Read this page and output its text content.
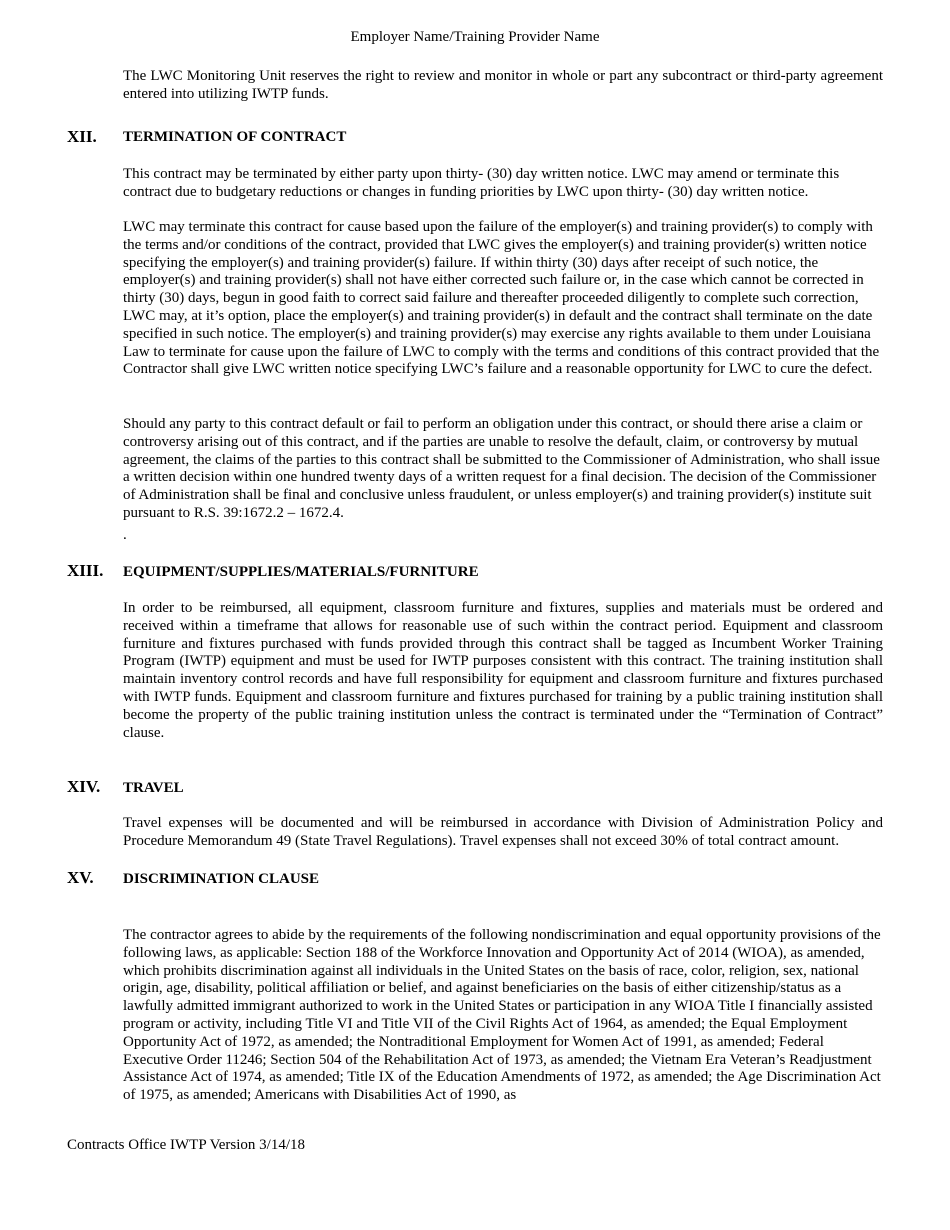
Employer Name/Training Provider Name

The LWC Monitoring Unit reserves the right to review and monitor in whole or part any subcontract or third-party agreement entered into utilizing IWTP funds.

XII. TERMINATION OF CONTRACT

This contract may be terminated by either party upon thirty- (30) day written notice. LWC may amend or terminate this contract due to budgetary reductions or changes in funding priorities by LWC upon thirty- (30) day written notice.

LWC may terminate this contract for cause based upon the failure of the employer(s) and training provider(s) to comply with the terms and/or conditions of the contract, provided that LWC gives the employer(s) and training provider(s) written notice specifying the employer(s) and training provider(s) failure. If within thirty (30) days after receipt of such notice, the employer(s) and training provider(s) shall not have either corrected such failure or, in the case which cannot be corrected in thirty (30) days, begun in good faith to correct said failure and thereafter proceeded diligently to complete such correction, LWC may, at it’s option, place the employer(s) and training provider(s) in default and the contract shall terminate on the date specified in such notice. The employer(s) and training provider(s) may exercise any rights available to them under Louisiana Law to terminate for cause upon the failure of LWC to comply with the terms and conditions of this contract provided that the Contractor shall give LWC written notice specifying LWC’s failure and a reasonable opportunity for LWC to cure the defect.

Should any party to this contract default or fail to perform an obligation under this contract, or should there arise a claim or controversy arising out of this contract, and if the parties are unable to resolve the default, claim, or controversy by mutual agreement, the claims of the parties to this contract shall be submitted to the Commissioner of Administration, who shall issue a written decision within one hundred twenty days of a written request for a final decision. The decision of the Commissioner of Administration shall be final and conclusive unless fraudulent, or unless employer(s) and training provider(s) institute suit pursuant to R.S. 39:1672.2 – 1672.4.

.
XIII. EQUIPMENT/SUPPLIES/MATERIALS/FURNITURE

In order to be reimbursed, all equipment, classroom furniture and fixtures, supplies and materials must be ordered and received within a timeframe that allows for reasonable use of such within the contract period. Equipment and classroom furniture and fixtures purchased with funds provided through this contract shall be tagged as Incumbent Worker Training Program (IWTP) equipment and must be used for IWTP purposes consistent with this contract. The training institution shall maintain inventory control records and have full responsibility for equipment and classroom furniture and fixtures purchased with IWTP funds. Equipment and classroom furniture and fixtures purchased for training by a public training institution shall become the property of the public training institution unless the contract is terminated under the “Termination of Contract” clause.

XIV. TRAVEL

Travel expenses will be documented and will be reimbursed in accordance with Division of Administration Policy and Procedure Memorandum 49 (State Travel Regulations). Travel expenses shall not exceed 30% of total contract amount.

XV. DISCRIMINATION CLAUSE

The contractor agrees to abide by the requirements of the following nondiscrimination and equal opportunity provisions of the following laws, as applicable: Section 188 of the Workforce Innovation and Opportunity Act of 2014 (WIOA), as amended, which prohibits discrimination against all individuals in the United States on the basis of race, color, religion, sex, national origin, age, disability, political affiliation or belief, and against beneficiaries on the basis of either citizenship/status as a lawfully admitted immigrant authorized to work in the United States or participation in any WIOA Title I financially assisted program or activity, including Title VI and Title VII of the Civil Rights Act of 1964, as amended; the Equal Employment Opportunity Act of 1972, as amended; the Nontraditional Employment for Women Act of 1991, as amended; Federal Executive Order 11246; Section 504 of the Rehabilitation Act of 1973, as amended; the Vietnam Era Veteran’s Readjustment Assistance Act of 1974, as amended; Title IX of the Education Amendments of 1972, as amended; the Age Discrimination Act of 1975, as amended; Americans with Disabilities Act of 1990, as

Contracts Office IWTP Version 3/14/18
